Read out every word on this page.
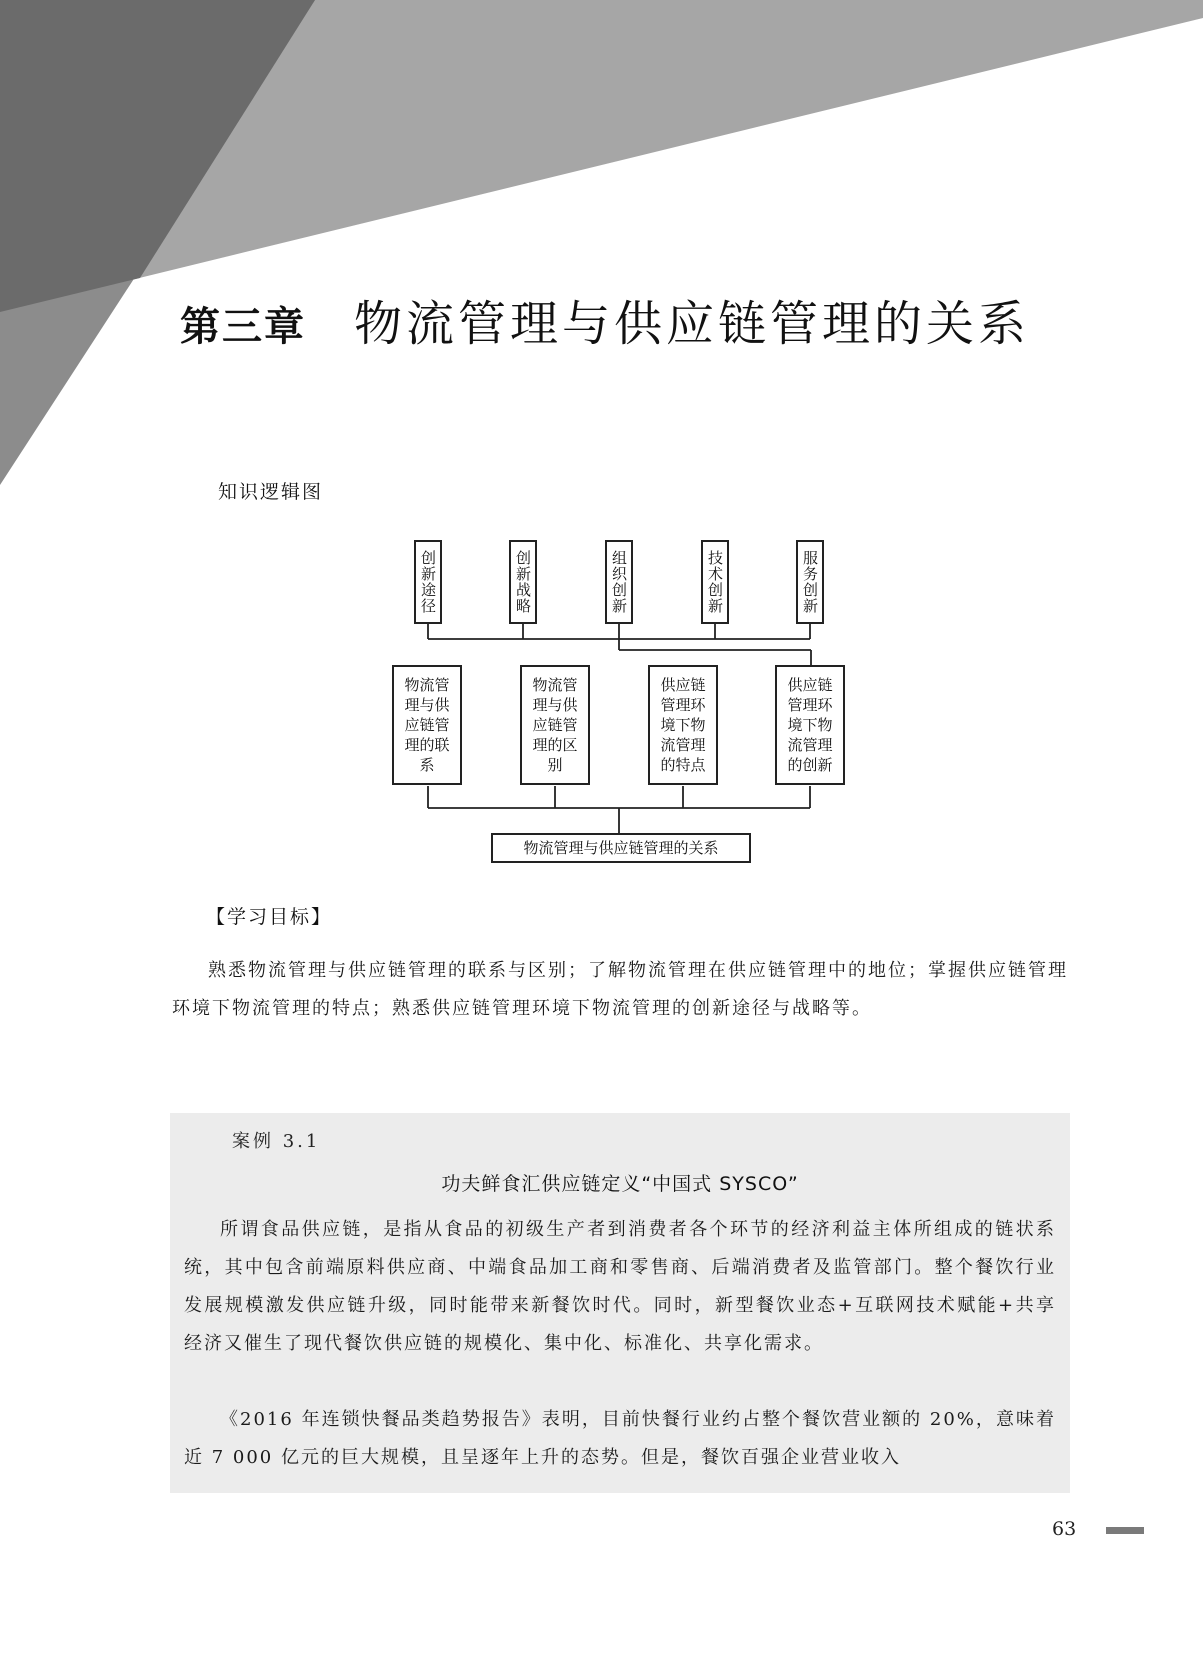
第三章 物流管理与供应链管理的关系
知识逻辑图
创新途径	创新战略	组织创新	技术创新	服务创新
物流管理与供应链管理的联系
物流管理与供应链管理的区别
供应链管理环境下物流管理的特点
供应链管理环境下物流管理的创新
物流管理与供应链管理的关系
【学习目标】

熟悉物流管理与供应链管理的联系与区别；了解物流管理在供应链管理中的地位；掌握供应链管理环境下物流管理的特点；熟悉供应链管理环境下物流管理的创新途径与战略等。

案例 3.1
功夫鲜食汇供应链定义“中国式 SYSCO”

所谓食品供应链，是指从食品的初级生产者到消费者各个环节的经济利益主体所组成的链状系统，其中包含前端原料供应商、中端食品加工商和零售商、后端消费者及监管部门。整个餐饮行业发展规模激发供应链升级，同时能带来新餐饮时代。同时，新型餐饮业态+互联网技术赋能+共享经济又催生了现代餐饮供应链的规模化、集中化、标准化、共享化需求。

《2016 年连锁快餐品类趋势报告》表明，目前快餐行业约占整个餐饮营业额的 20%，意味着近 7 000 亿元的巨大规模，且呈逐年上升的态势。但是，餐饮百强企业营业收入

63
